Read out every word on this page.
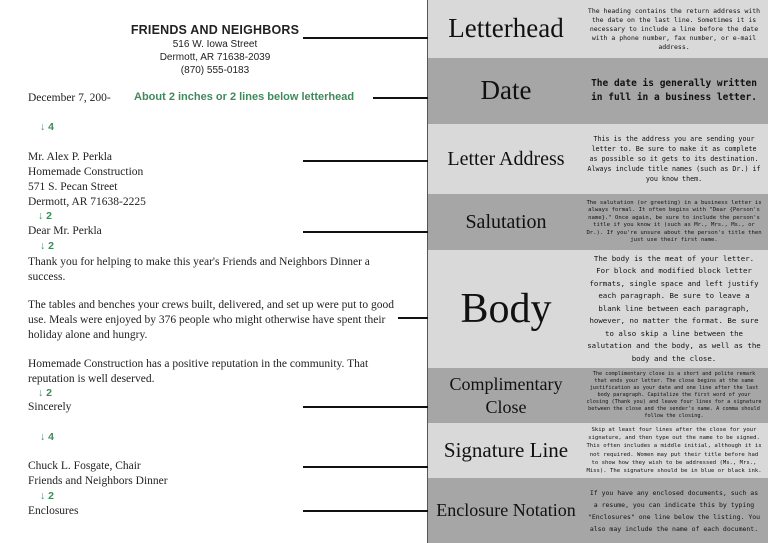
FRIENDS AND NEIGHBORS
516 W. Iowa Street
Dermott, AR 71638-2039
(870) 555-0183
December 7, 200- About 2 inches or 2 lines below letterhead
↓ 4
Mr. Alex P. Perkla
Homemade Construction
571 S. Pecan Street
Dermott, AR 71638-2225
↓ 2
Dear Mr. Perkla
↓ 2
Thank you for helping to make this year's Friends and Neighbors Dinner a success.
The tables and benches your crews built, delivered, and set up were put to good use. Meals were enjoyed by 376 people who might otherwise have spent their holiday alone and hungry.
Homemade Construction has a positive reputation in the community. That reputation is well deserved.
↓ 2
Sincerely
↓ 4
Chuck L. Fosgate, Chair
Friends and Neighbors Dinner
↓ 2
Enclosures
Letterhead
The heading contains the return address with the date on the last line. Sometimes it is necessary to include a line before the date with a phone number, fax number, or e-mail address.
Date	The date is generally written in full in a business letter.
Letter Address
This is the address you are sending your letter to. Be sure to make it as complete as possible so it gets to its destination. Always include title names (such as Dr.) if you know them.
Salutation
The salutation (or greeting) in a business letter is always formal. It often begins with "Dear {Person's name}." Once again, be sure to include the person's title if you know it (such as Mr., Mrs., Ms., or Dr.). If you're unsure about the person's title then just use their first name.
Body
The body is the meat of your letter. For block and modified block letter formats, single space and left justify each paragraph. Be sure to leave a blank line between each paragraph, however, no matter the format. Be sure to also skip a line between the salutation and the body, as well as the body and the close.
Complimentary Close
The complimentary close is a short and polite remark that ends your letter. The close begins at the same justification as your date and one line after the last body paragraph. Capitalize the first word of your closing (Thank you) and leave four lines for a signature between the close and the sender's name. A comma should follow the closing.
Signature Line
Skip at least four lines after the close for your signature, and then type out the name to be signed. This often includes a middle initial, although it is not required. Women may put their title before had to show how they wish to be addressed (Ms., Mrs., Miss). The signature should be in blue or black ink.
Enclosure Notation
If you have any enclosed documents, such as a resume, you can indicate this by typing "Enclosures" one line below the listing. You also may include the name of each document.
